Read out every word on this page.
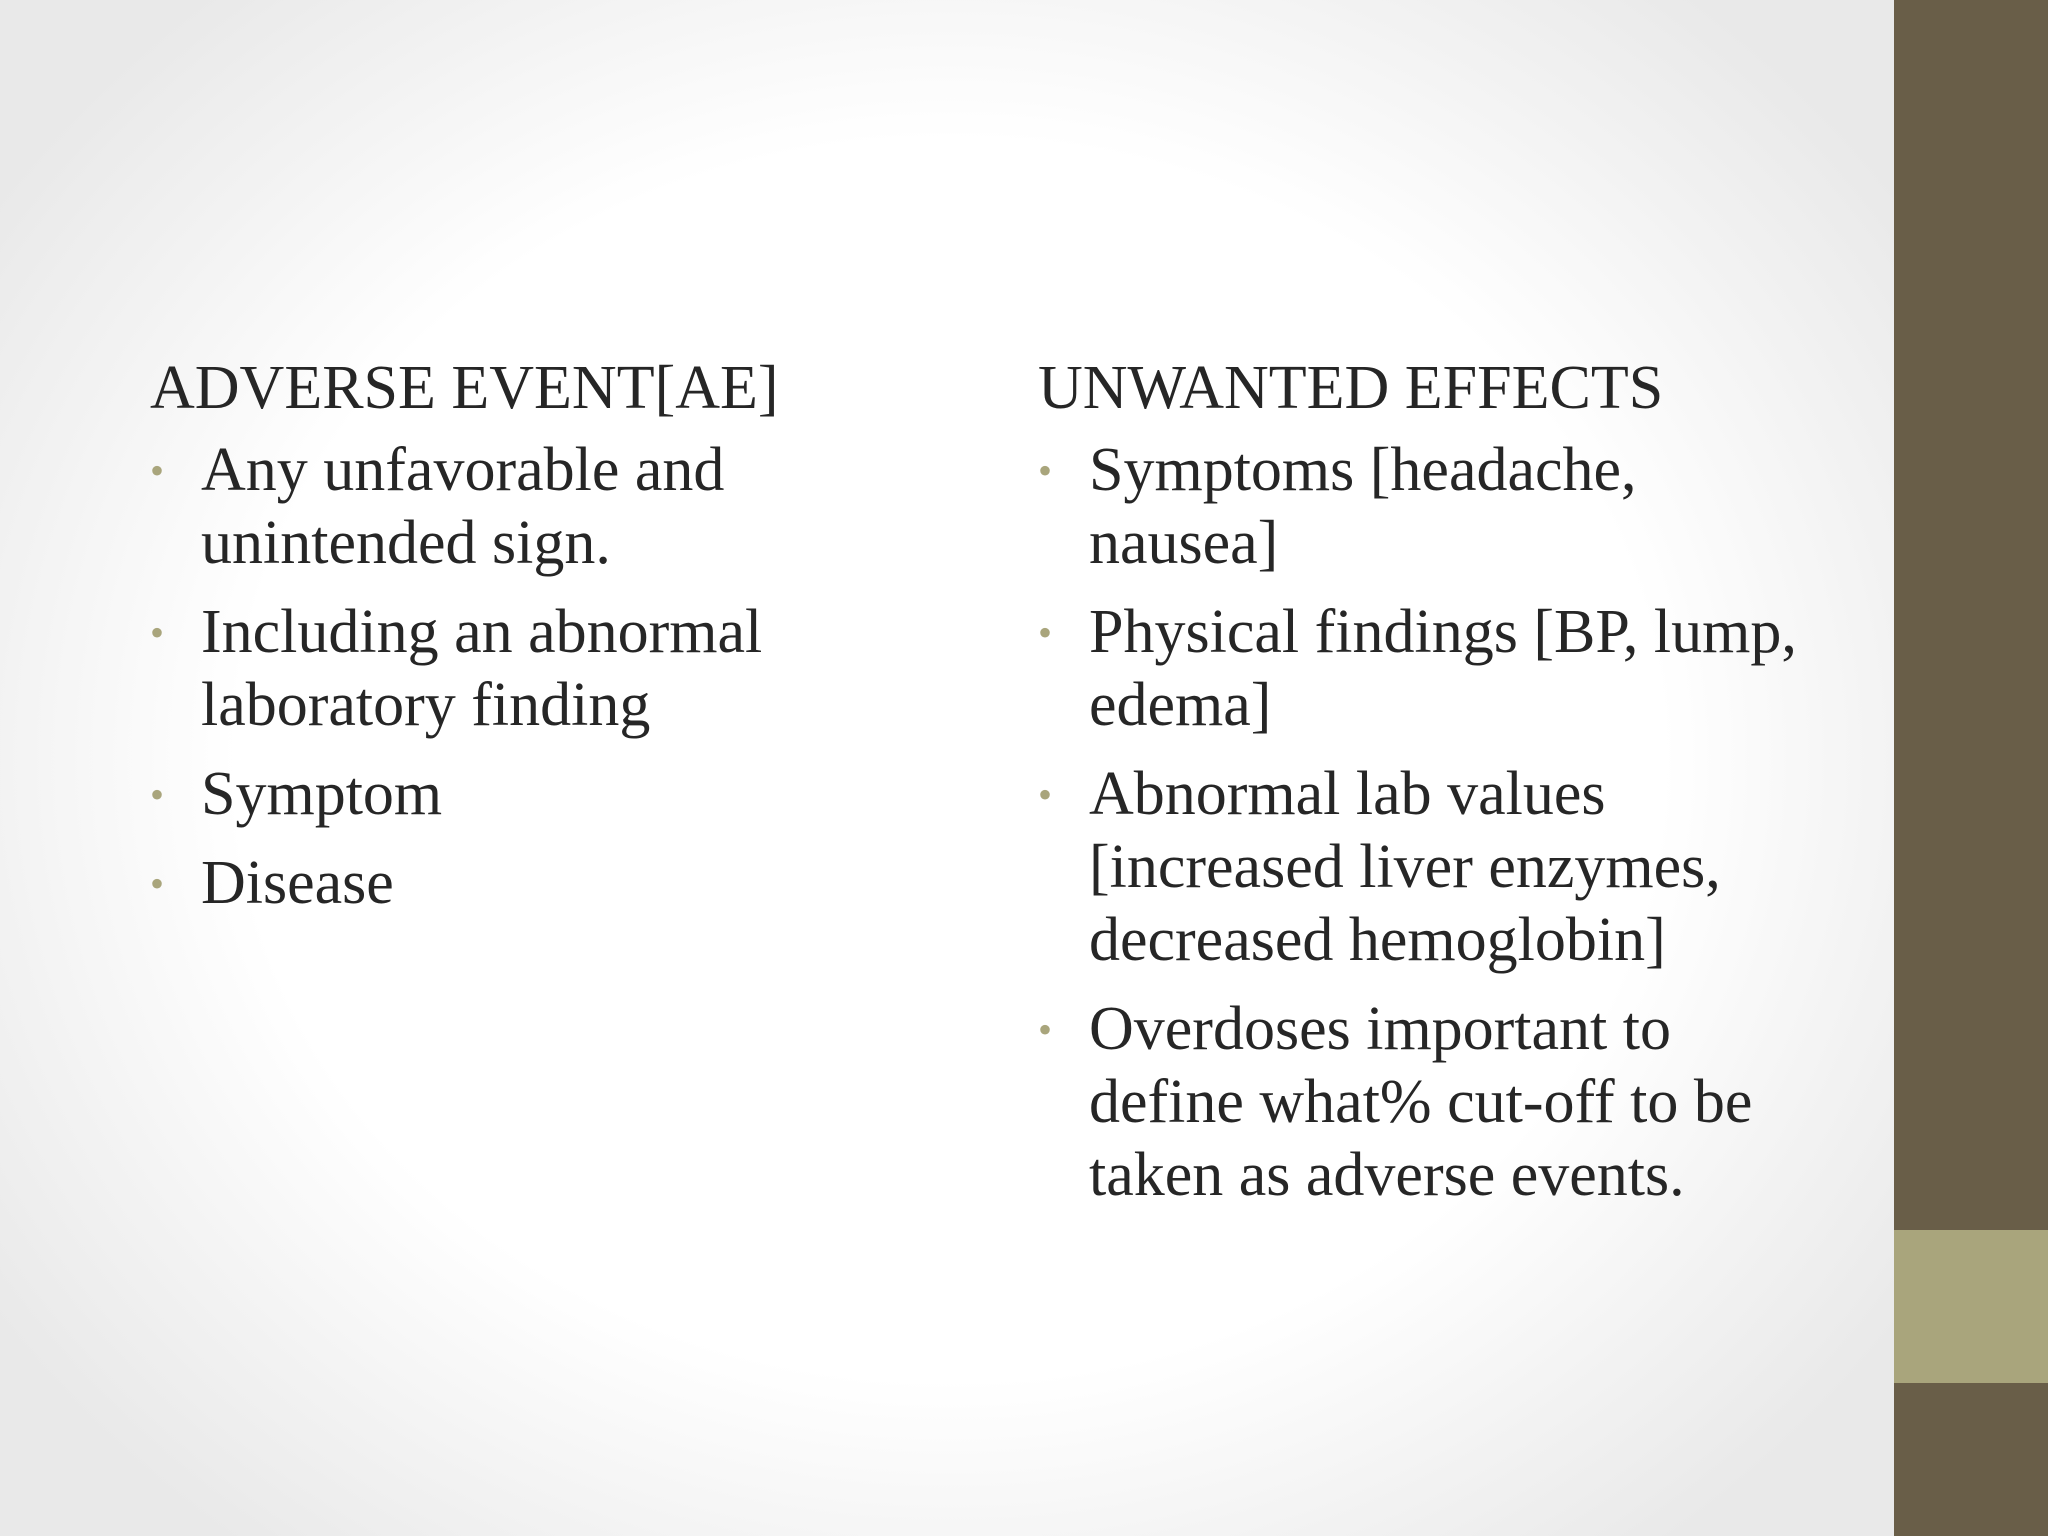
ADVERSE EVENT[AE]
• Any unfavorable and unintended sign.
• Including an abnormal laboratory finding
• Symptom
• Disease
UNWANTED EFFECTS
• Symptoms [headache, nausea]
• Physical findings [BP, lump, edema]
• Abnormal lab values [increased liver enzymes, decreased hemoglobin]
• Overdoses important to define what% cut-off to be taken as adverse events.
